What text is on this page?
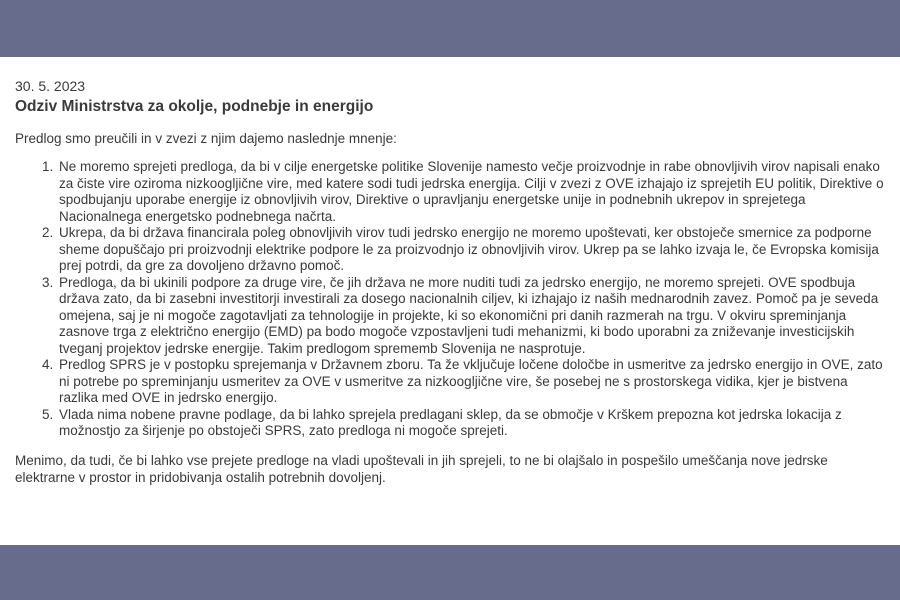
30. 5. 2023

Odziv Ministrstva za okolje, podnebje in energijo

Predlog smo preučili in v zvezi z njim dajemo naslednje mnenje:

1. Ne moremo sprejeti predloga, da bi v cilje energetske politike Slovenije namesto večje proizvodnje in rabe obnovljivih virov napisali enako za čiste vire oziroma nizkoogljične vire, med katere sodi tudi jedrska energija. Cilji v zvezi z OVE izhajajo iz sprejetih EU politik, Direktive o spodbujanju uporabe energije iz obnovljivih virov, Direktive o upravljanju energetske unije in podnebnih ukrepov in sprejetega Nacionalnega energetsko podnebnega načrta.
2. Ukrepa, da bi država financirala poleg obnovljivih virov tudi jedrsko energijo ne moremo upoštevati, ker obstoječe smernice za podporne sheme dopuščajo pri proizvodnji elektrike podpore le za proizvodnjo iz obnovljivih virov. Ukrep pa se lahko izvaja le, če Evropska komisija prej potrdi, da gre za dovoljeno državno pomoč.
3. Predloga, da bi ukinili podpore za druge vire, če jih država ne more nuditi tudi za jedrsko energijo, ne moremo sprejeti. OVE spodbuja država zato, da bi zasebni investitorji investirali za dosego nacionalnih ciljev, ki izhajajo iz naših mednarodnih zavez. Pomoč pa je seveda omejena, saj je ni mogoče zagotavljati za tehnologije in projekte, ki so ekonomični pri danih razmerah na trgu. V okviru spreminjanja zasnove trga z električno energijo (EMD) pa bodo mogoče vzpostavljeni tudi mehanizmi, ki bodo uporabni za zniževanje investicijskih tveganj projektov jedrske energije. Takim predlogom sprememb Slovenija ne nasprotuje.
4. Predlog SPRS je v postopku sprejemanja v Državnem zboru. Ta že vključuje ločene določbe in usmeritve za jedrsko energijo in OVE, zato ni potrebe po spreminjanju usmeritev za OVE v usmeritve za nizkoogljične vire, še posebej ne s prostorskega vidika, kjer je bistvena razlika med OVE in jedrsko energijo.
5. Vlada nima nobene pravne podlage, da bi lahko sprejela predlagani sklep, da se območje v Krškem prepozna kot jedrska lokacija z možnostjo za širjenje po obstoječi SPRS, zato predloga ni mogoče sprejeti.

Menimo, da tudi, če bi lahko vse prejete predloge na vladi upoštevali in jih sprejeli, to ne bi olajšalo in pospešilo umeščanja nove jedrske elektrarne v prostor in pridobivanja ostalih potrebnih dovoljenj.
